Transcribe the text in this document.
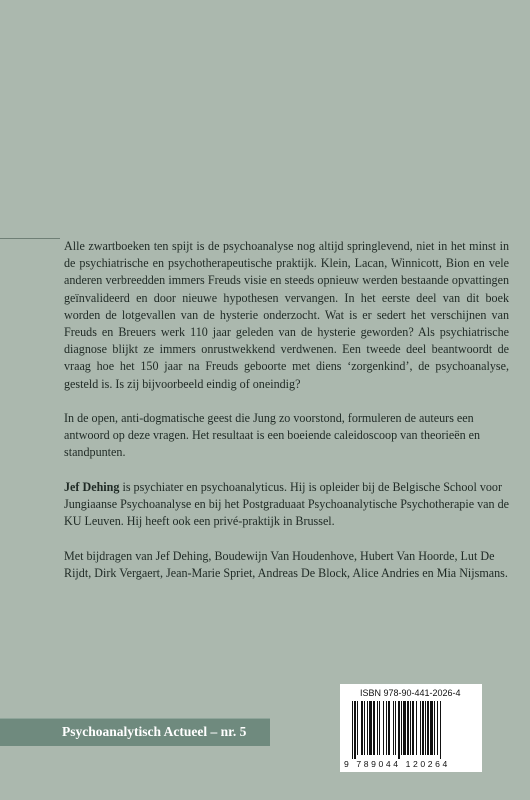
Alle zwartboeken ten spijt is de psychoanalyse nog altijd springlevend, niet in het minst in de psychiatrische en psychotherapeutische praktijk. Klein, Lacan, Winnicott, Bion en vele anderen verbreedden immers Freuds visie en steeds opnieuw werden bestaande opvattingen geïnvalideerd en door nieuwe hypothesen vervangen. In het eerste deel van dit boek worden de lotgevallen van de hysterie onderzocht. Wat is er sedert het verschijnen van Freuds en Breuers werk 110 jaar geleden van de hysterie geworden? Als psychiatrische diagnose blijkt ze immers onrustwekkend verdwenen. Een tweede deel beantwoordt de vraag hoe het 150 jaar na Freuds geboorte met diens ‘zorgenkind’, de psychoanalyse, gesteld is. Is zij bijvoorbeeld eindig of oneindig?

In de open, anti-dogmatische geest die Jung zo voorstond, formuleren de auteurs een antwoord op deze vragen. Het resultaat is een boeiende caleidoscoop van theorieën en standpunten.

Jef Dehing is psychiater en psychoanalyticus. Hij is opleider bij de Belgische School voor Jungiaanse Psychoanalyse en bij het Postgraduaat Psychoanalytische Psychotherapie van de KU Leuven. Hij heeft ook een privé-praktijk in Brussel.

Met bijdragen van Jef Dehing, Boudewijn Van Houdenhove, Hubert Van Hoorde, Lut De Rijdt, Dirk Vergaert, Jean-Marie Spriet, Andreas De Block, Alice Andries en Mia Nijsmans.

Psychoanalytisch Actueel – nr. 5
ISBN 978-90-441-2026-4
9 789044 120264
